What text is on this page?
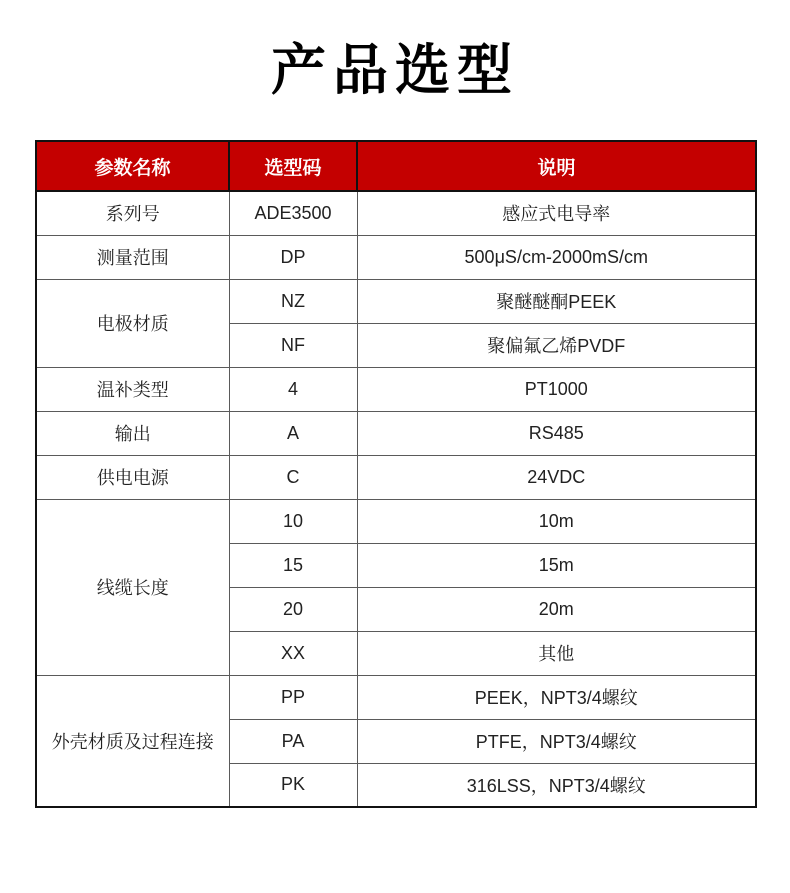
产品选型
参数名称	选型码	说明
系列号	ADE3500	感应式电导率
测量范围	DP	500μS/cm-2000mS/cm
电极材质	NZ	聚醚醚酮PEEK
	NF	聚偏氟乙烯PVDF
温补类型	4	PT1000
输出	A	RS485
供电电源	C	24VDC
线缆长度	10	10m
	15	15m
	20	20m
	XX	其他
外壳材质及过程连接	PP	PEEK，NPT3/4螺纹
	PA	PTFE，NPT3/4螺纹
	PK	316LSS，NPT3/4螺纹
